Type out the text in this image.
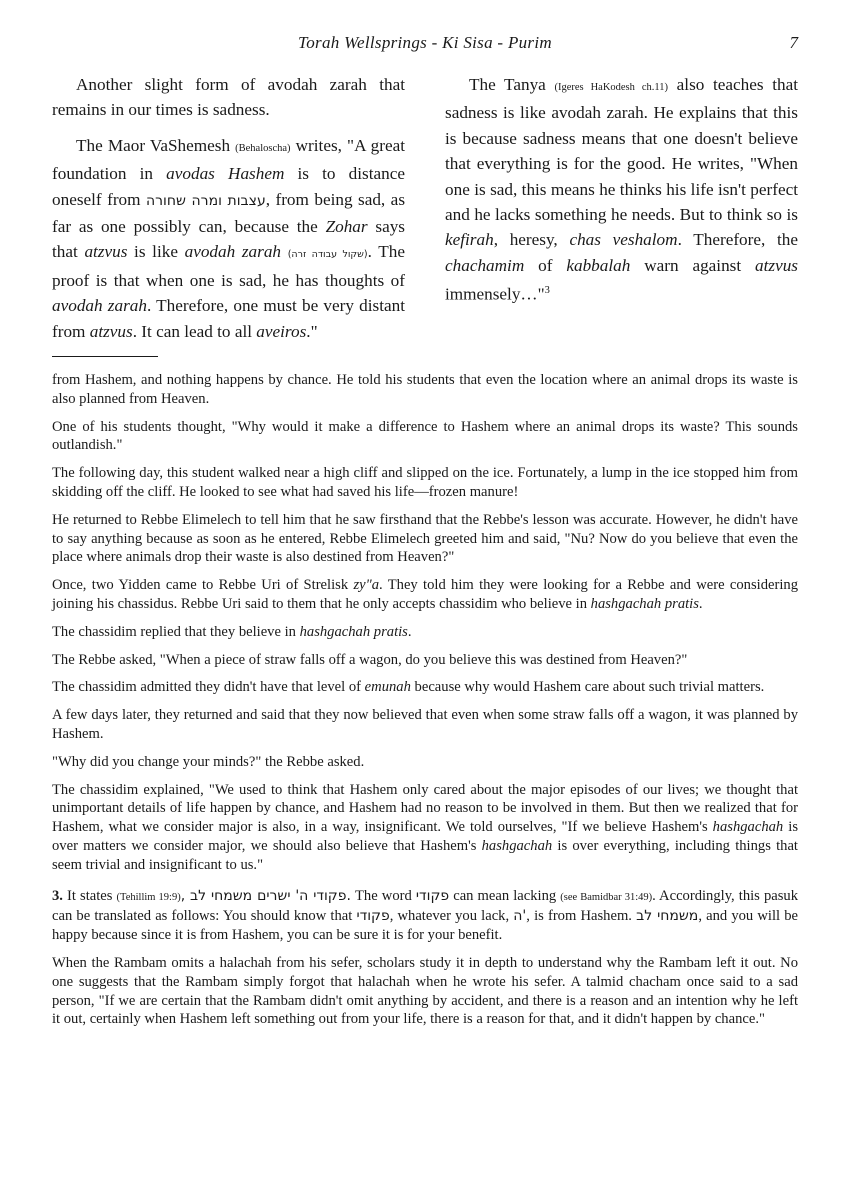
Torah Wellsprings - Ki Sisa - Purim	7

Another slight form of avodah zarah that remains in our times is sadness.

The Maor VaShemesh (Behaloscha) writes, "A great foundation in avodas Hashem is to distance oneself from עצבות ומרה שחורה, from being sad, as far as one possibly can, because the Zohar says that atzvus is like avodah zarah (שקול עבודה זרה). The proof is that when one is sad, he has thoughts of avodah zarah. Therefore, one must be very distant from atzvus. It can lead to all aveiros."

The Tanya (Igeres HaKodesh ch.11) also teaches that sadness is like avodah zarah. He explains that this is because sadness means that one doesn't believe that everything is for the good. He writes, "When one is sad, this means he thinks his life isn't perfect and he lacks something he needs. But to think so is kefirah, heresy, chas veshalom. Therefore, the chachamim of kabbalah warn against atzvus immensely…"$^3$

from Hashem, and nothing happens by chance. He told his students that even the location where an animal drops its waste is also planned from Heaven.

One of his students thought, "Why would it make a difference to Hashem where an animal drops its waste? This sounds outlandish."

The following day, this student walked near a high cliff and slipped on the ice. Fortunately, a lump in the ice stopped him from skidding off the cliff. He looked to see what had saved his life—frozen manure!

He returned to Rebbe Elimelech to tell him that he saw firsthand that the Rebbe's lesson was accurate. However, he didn't have to say anything because as soon as he entered, Rebbe Elimelech greeted him and said, "Nu? Now do you believe that even the place where animals drop their waste is also destined from Heaven?"

Once, two Yidden came to Rebbe Uri of Strelisk zy"a. They told him they were looking for a Rebbe and were considering joining his chassidus. Rebbe Uri said to them that he only accepts chassidim who believe in hashgachah pratis.

The chassidim replied that they believe in hashgachah pratis.

The Rebbe asked, "When a piece of straw falls off a wagon, do you believe this was destined from Heaven?"

The chassidim admitted they didn't have that level of emunah because why would Hashem care about such trivial matters.

A few days later, they returned and said that they now believed that even when some straw falls off a wagon, it was planned by Hashem.

"Why did you change your minds?" the Rebbe asked.

The chassidim explained, "We used to think that Hashem only cared about the major episodes of our lives; we thought that unimportant details of life happen by chance, and Hashem had no reason to be involved in them. But then we realized that for Hashem, what we consider major is also, in a way, insignificant. We told ourselves, "If we believe Hashem's hashgachah is over matters we consider major, we should also believe that Hashem's hashgachah is over everything, including things that seem trivial and insignificant to us."

3. It states (Tehillim 19:9), פקודי ה' ישרים משמחי לב. The word פקודי can mean lacking (see Bamidbar 31:49). Accordingly, this pasuk can be translated as follows: You should know that פקודי, whatever you lack, ה', is from Hashem. משמחי לב, and you will be happy because since it is from Hashem, you can be sure it is for your benefit.

When the Rambam omits a halachah from his sefer, scholars study it in depth to understand why the Rambam left it out. No one suggests that the Rambam simply forgot that halachah when he wrote his sefer. A talmid chacham once said to a sad person, "If we are certain that the Rambam didn't omit anything by accident, and there is a reason and an intention why he left it out, certainly when Hashem left something out from your life, there is a reason for that, and it didn't happen by chance."
